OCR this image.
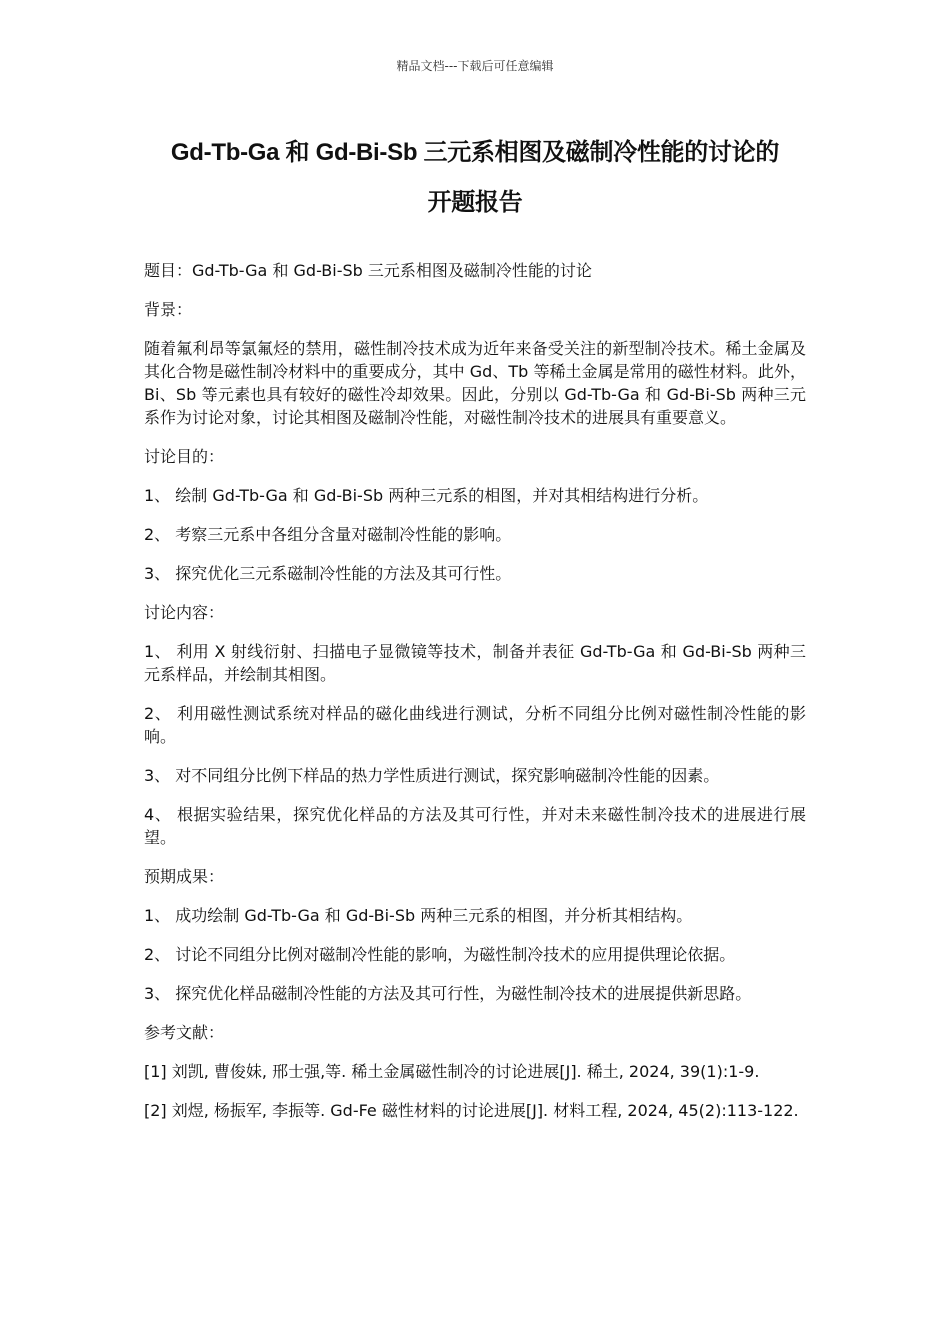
精品文档---下载后可任意编辑
Gd-Tb-Ga 和 Gd-Bi-Sb 三元系相图及磁制冷性能的讨论的
开题报告

题目：Gd-Tb-Ga 和 Gd-Bi-Sb 三元系相图及磁制冷性能的讨论

背景：

随着氟利昂等氯氟烃的禁用，磁性制冷技术成为近年来备受关注的新型制冷技术。稀土金属及其化合物是磁性制冷材料中的重要成分，其中 Gd、Tb 等稀土金属是常用的磁性材料。此外，Bi、Sb 等元素也具有较好的磁性冷却效果。因此，分别以 Gd-Tb-Ga 和 Gd-Bi-Sb 两种三元系作为讨论对象，讨论其相图及磁制冷性能，对磁性制冷技术的进展具有重要意义。

讨论目的：

1、 绘制 Gd-Tb-Ga 和 Gd-Bi-Sb 两种三元系的相图，并对其相结构进行分析。

2、 考察三元系中各组分含量对磁制冷性能的影响。

3、 探究优化三元系磁制冷性能的方法及其可行性。

讨论内容：

1、 利用 X 射线衍射、扫描电子显微镜等技术，制备并表征 Gd-Tb-Ga 和 Gd-Bi-Sb 两种三元系样品，并绘制其相图。

2、 利用磁性测试系统对样品的磁化曲线进行测试，分析不同组分比例对磁性制冷性能的影响。

3、 对不同组分比例下样品的热力学性质进行测试，探究影响磁制冷性能的因素。

4、 根据实验结果，探究优化样品的方法及其可行性，并对未来磁性制冷技术的进展进行展望。

预期成果：

1、 成功绘制 Gd-Tb-Ga 和 Gd-Bi-Sb 两种三元系的相图，并分析其相结构。

2、 讨论不同组分比例对磁制冷性能的影响，为磁性制冷技术的应用提供理论依据。

3、 探究优化样品磁制冷性能的方法及其可行性，为磁性制冷技术的进展提供新思路。

参考文献：

[1] 刘凯, 曹俊妹, 邢士强,等. 稀土金属磁性制冷的讨论进展[J]. 稀土, 2024, 39(1):1-9.

[2] 刘煜, 杨振军, 李振等. Gd-Fe 磁性材料的讨论进展[J]. 材料工程, 2024, 45(2):113-122.
